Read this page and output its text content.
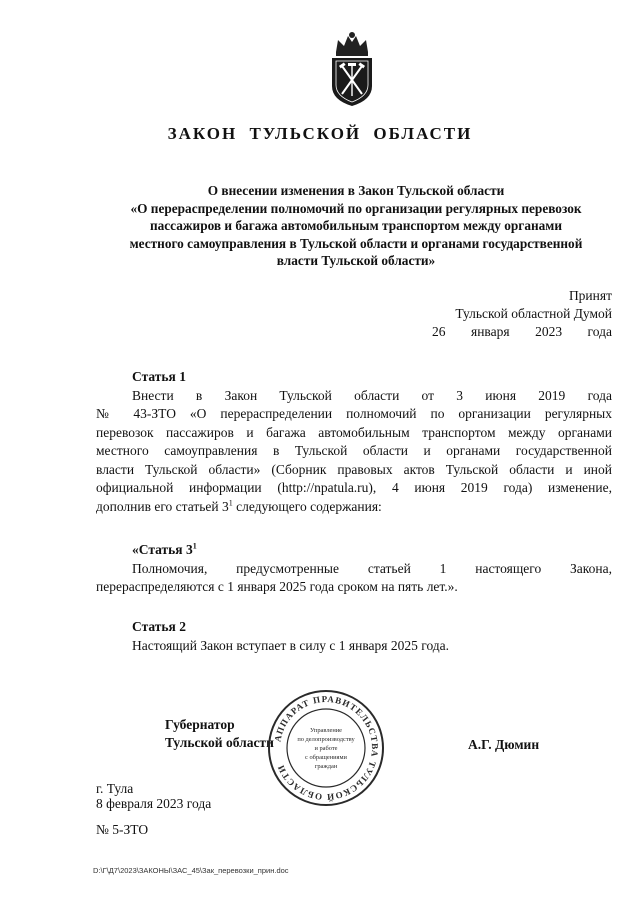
ЗАКОН ТУЛЬСКОЙ ОБЛАСТИ
О внесении изменения в Закон Тульской области
«О перераспределении полномочий по организации регулярных перевозок
пассажиров и багажа автомобильным транспортом между органами
местного самоуправления в Тульской области и органами государственной
власти Тульской области»
Принят
Тульской областной Думой
26 января 2023 года
Статья 1
Внести в Закон Тульской области от 3 июня 2019 года
№ 43-ЗТО «О перераспределении полномочий по организации регулярных
перевозок пассажиров и багажа автомобильным транспортом между органами
местного самоуправления в Тульской области и органами государственной
власти Тульской области» (Сборник правовых актов Тульской области и иной
официальной информации (http://npatula.ru), 4 июня 2019 года) изменение,
дополнив его статьей $3^1$ следующего содержания:
«Статья $3^1$
Полномочия, предусмотренные статьей 1 настоящего Закона,
перераспределяются с 1 января 2025 года сроком на пять лет.».
Статья 2
Настоящий Закон вступает в силу с 1 января 2025 года.
Губернатор
Тульской области	А.Г. Дюмин
АППАРАТ ПРАВИТЕЛЬСТВА ТУЛЬСКОЙ ОБЛАСТИ
Управление
по делопроизводству
и работе
с обращениями
граждан
г. Тула
8 февраля 2023 года
№ 5-ЗТО
D:\Г\Д7\2023\ЗАКОНЫ\ЗАС_45\Зак_перевозки_прин.doc
